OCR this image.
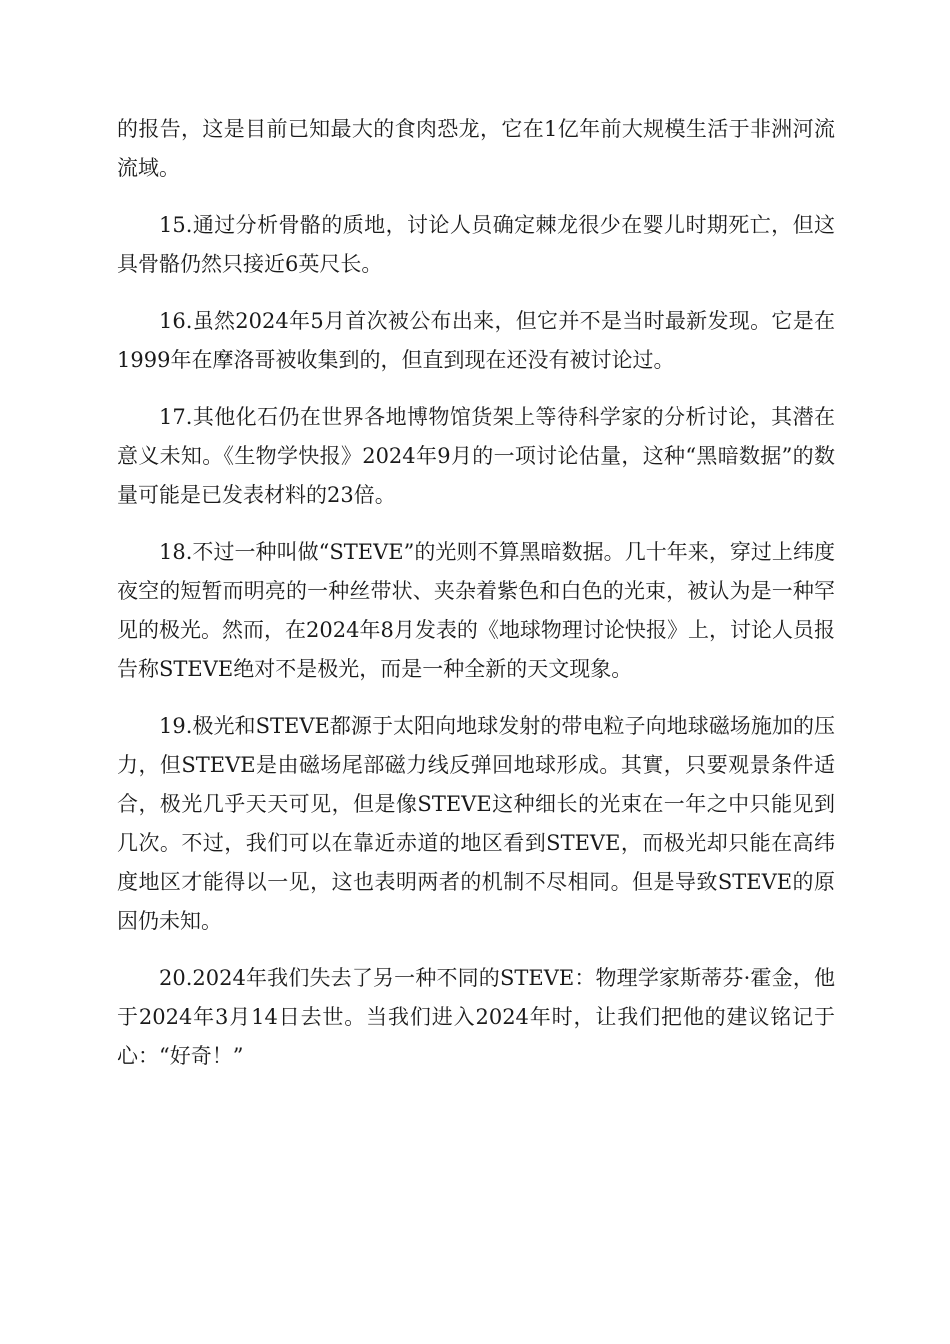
的报告，这是目前已知最大的食肉恐龙，它在1亿年前大规模生活于非洲河流流域。

15.通过分析骨骼的质地，讨论人员确定棘龙很少在婴儿时期死亡，但这具骨骼仍然只接近6英尺长。

16.虽然2024年5月首次被公布出来，但它并不是当时最新发现。它是在1999年在摩洛哥被收集到的，但直到现在还没有被讨论过。

17.其他化石仍在世界各地博物馆货架上等待科学家的分析讨论，其潜在意义未知。《生物学快报》2024年9月的一项讨论估量，这种“黑暗数据”的数量可能是已发表材料的23倍。

18.不过一种叫做“STEVE”的光则不算黑暗数据。几十年来，穿过上纬度夜空的短暂而明亮的一种丝带状、夹杂着紫色和白色的光束，被认为是一种罕见的极光。然而，在2024年8月发表的《地球物理讨论快报》上，讨论人员报告称STEVE绝对不是极光，而是一种全新的天文现象。

19.极光和STEVE都源于太阳向地球发射的带电粒子向地球磁场施加的压力，但STEVE是由磁场尾部磁力线反弹回地球形成。其實，只要观景条件适合，极光几乎天天可见，但是像STEVE这种细长的光束在一年之中只能见到几次。不过，我们可以在靠近赤道的地区看到STEVE，而极光却只能在高纬度地区才能得以一见，这也表明两者的机制不尽相同。但是导致STEVE的原因仍未知。

20.2024年我们失去了另一种不同的STEVE：物理学家斯蒂芬·霍金，他于2024年3月14日去世。当我们进入2024年时，让我们把他的建议铭记于心：“好奇！”
